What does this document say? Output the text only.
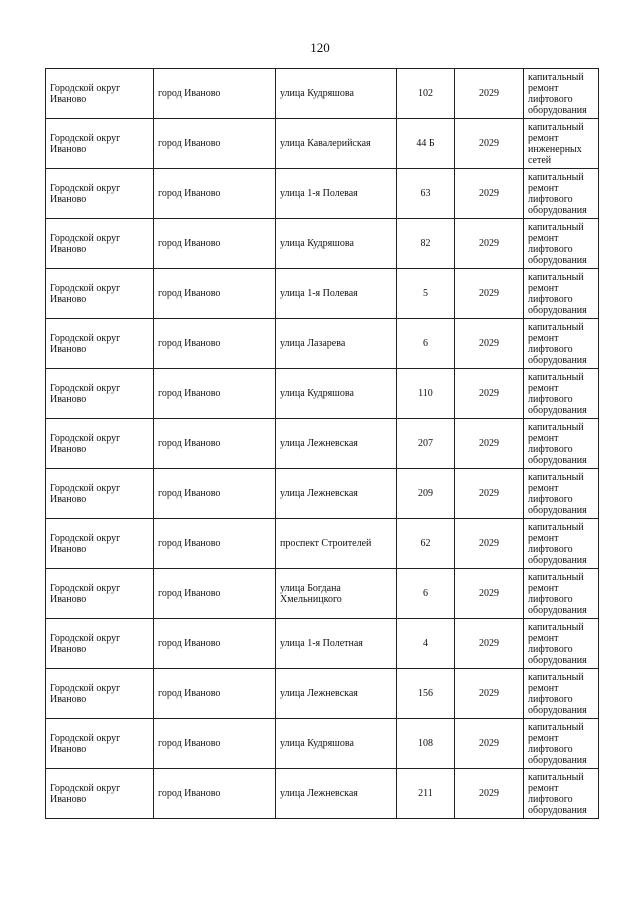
120
Городской округ Иваново	город Иваново	улица Кудряшова	102	2029	капитальный ремонт лифтового оборудования
Городской округ Иваново	город Иваново	улица Кавалерийская	44 Б	2029	капитальный ремонт инженерных сетей
Городской округ Иваново	город Иваново	улица 1-я Полевая	63	2029	капитальный ремонт лифтового оборудования
Городской округ Иваново	город Иваново	улица Кудряшова	82	2029	капитальный ремонт лифтового оборудования
Городской округ Иваново	город Иваново	улица 1-я Полевая	5	2029	капитальный ремонт лифтового оборудования
Городской округ Иваново	город Иваново	улица Лазарева	6	2029	капитальный ремонт лифтового оборудования
Городской округ Иваново	город Иваново	улица Кудряшова	110	2029	капитальный ремонт лифтового оборудования
Городской округ Иваново	город Иваново	улица Лежневская	207	2029	капитальный ремонт лифтового оборудования
Городской округ Иваново	город Иваново	улица Лежневская	209	2029	капитальный ремонт лифтового оборудования
Городской округ Иваново	город Иваново	проспект Строителей	62	2029	капитальный ремонт лифтового оборудования
Городской округ Иваново	город Иваново	улица Богдана Хмельницкого	6	2029	капитальный ремонт лифтового оборудования
Городской округ Иваново	город Иваново	улица 1-я Полетная	4	2029	капитальный ремонт лифтового оборудования
Городской округ Иваново	город Иваново	улица Лежневская	156	2029	капитальный ремонт лифтового оборудования
Городской округ Иваново	город Иваново	улица Кудряшова	108	2029	капитальный ремонт лифтового оборудования
Городской округ Иваново	город Иваново	улица Лежневская	211	2029	капитальный ремонт лифтового оборудования
